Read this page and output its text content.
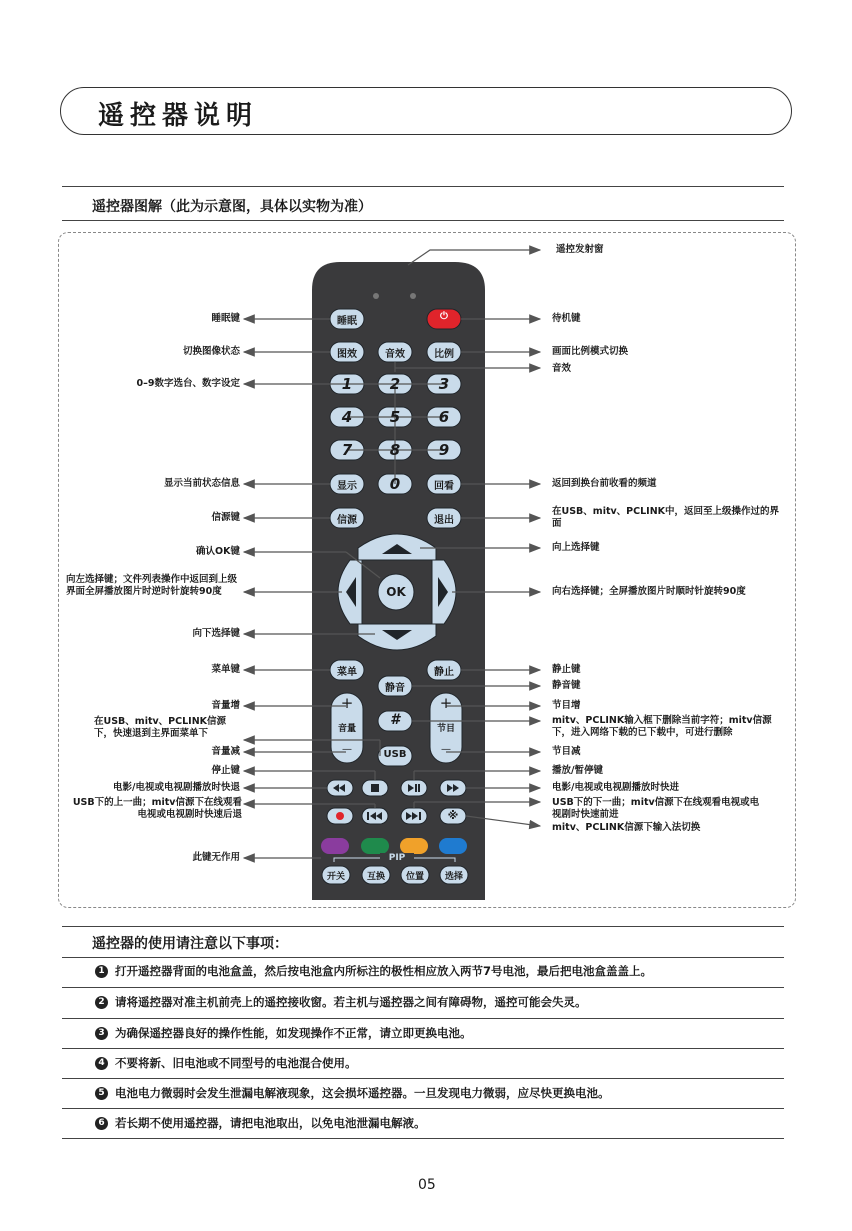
遥控器说明
遥控器图解（此为示意图，具体以实物为准）
睡眠	⏻
图效	音效	比例
1	2	3
4	5	6
7	8	9
显示	0	回看
信源	退出
OK
菜单	静止
静音
+
音量
—
+
节目
—
#
USB
※
PIP
开关	互换	位置	选择
睡眠键
切换图像状态
0–9数字选台、数字设定
显示当前状态信息
信源键
确认OK键
向左选择键；文件列表操作中返回到上级界面全屏播放图片时逆时针旋转90度
向下选择键
菜单键
音量增
在USB、mitv、PCLINK信源下，快速退到主界面菜单下
音量减
停止键
电影/电视或电视剧播放时快退
USB下的上一曲；mitv信源下在线观看电视或电视剧时快速后退
此键无作用
遥控发射窗
待机键
画面比例模式切换
音效
返回到换台前收看的频道
在USB、mitv、PCLINK中，返回至上级操作过的界面
向上选择键
向右选择键；全屏播放图片时顺时针旋转90度
静止键
静音键
节目增
mitv、PCLINK输入框下删除当前字符；mitv信源下，进入网络下载的已下载中，可进行删除
节目减
播放/暂停键
电影/电视或电视剧播放时快进
USB下的下一曲；mitv信源下在线观看电视或电视剧时快速前进
mitv、PCLINK信源下输入法切换
遥控器的使用请注意以下事项：
1 打开遥控器背面的电池盒盖，然后按电池盒内所标注的极性相应放入两节7号电池，最后把电池盒盖盖上。
2 请将遥控器对准主机前壳上的遥控接收窗。若主机与遥控器之间有障碍物，遥控可能会失灵。
3 为确保遥控器良好的操作性能，如发现操作不正常，请立即更换电池。
4 不要将新、旧电池或不同型号的电池混合使用。
5 电池电力微弱时会发生泄漏电解液现象，这会损坏遥控器。一旦发现电力微弱，应尽快更换电池。
6 若长期不使用遥控器，请把电池取出，以免电池泄漏电解液。
05
